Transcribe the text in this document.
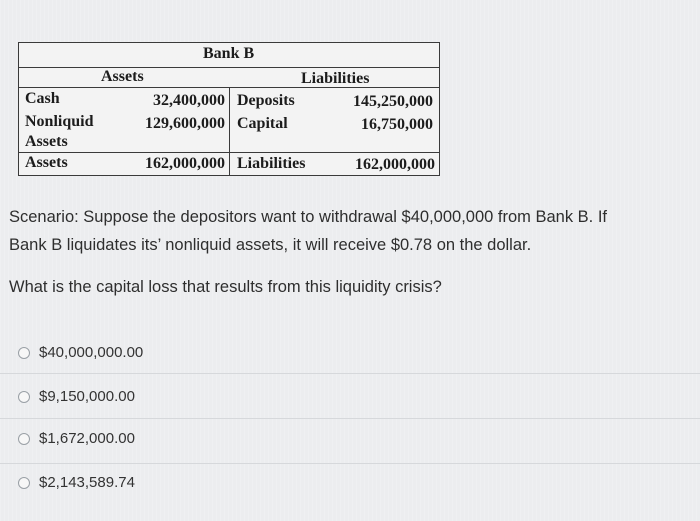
Bank B
Assets	Liabilities
Cash	32,400,000 Deposits	145,250,000
Nonliquid	129,600,000 Capital	16,750,000
Assets
Assets	162,000,000 Liabilities	162,000,000
Scenario: Suppose the depositors want to withdrawal $40,000,000 from Bank B. If
Bank B liquidates its’ nonliquid assets, it will receive $0.78 on the dollar.
What is the capital loss that results from this liquidity crisis?
$40,000,000.00
$9,150,000.00
$1,672,000.00
$2,143,589.74
